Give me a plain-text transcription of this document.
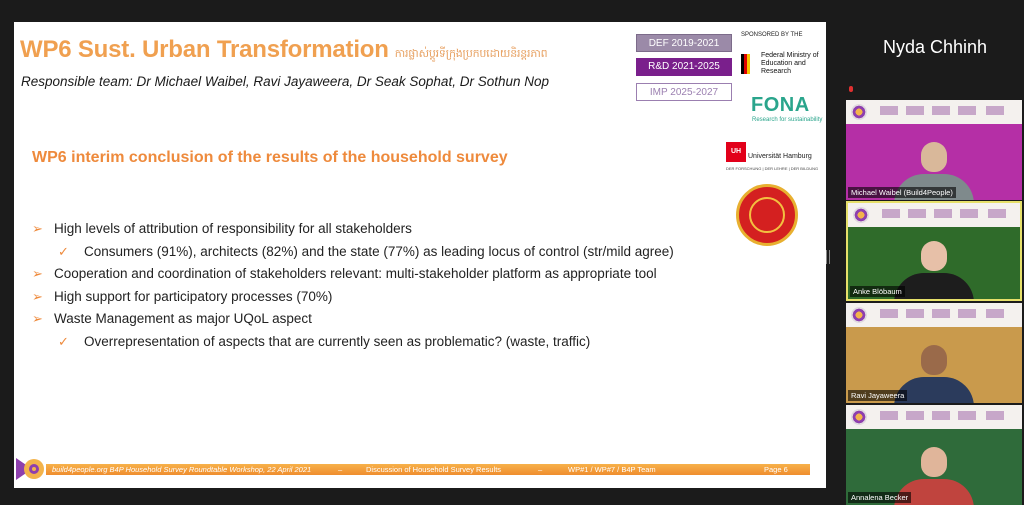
WP6 Sust. Urban Transformation ការផ្លាស់ប្តូរទីក្រុងប្រកបដោយនិរន្តរភាព
Responsible team: Dr Michael Waibel, Ravi Jayaweera, Dr Seak Sophat, Dr Sothun Nop
DEF 2019-2021
R&D 2021-2025
IMP 2025-2027
SPONSORED BY THE
Federal Ministry of Education and Research
FONA
Research for sustainability
UH
Universität Hamburg
DER FORSCHUNG | DER LEHRE | DER BILDUNG
WP6 interim conclusion of the results of the household survey
➢ High levels of attribution of responsibility for all stakeholders
✓ Consumers (91%), architects (82%) and the state (77%) as leading locus of control (str/mild agree)
➢ Cooperation and coordination of stakeholders relevant: multi-stakeholder platform as appropriate tool
➢ High support for participatory processes (70%)
➢ Waste Management as major UQoL aspect
✓ Overrepresentation of aspects that are currently seen as problematic? (waste, traffic)
build4people.org B4P Household Survey Roundtable Workshop, 22 April 2021	–	Discussion of Household Survey Results	–	WP#1 / WP#7 / B4P Team	Page 6
Nyda Chhinh
Michael Waibel (Build4People)
Anke Blöbaum
Ravi Jayaweera
Annalena Becker
